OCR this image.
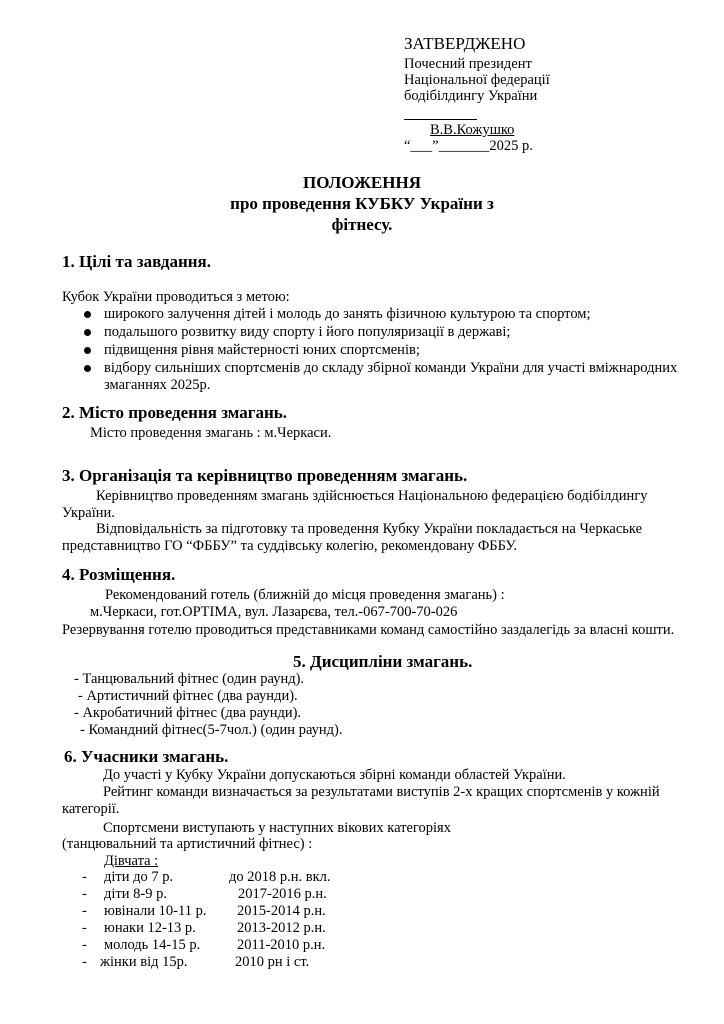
ЗАТВЕРДЖЕНО
Почесний президент
Національної федерації
бодібілдингу України
В.В.Кожушко
“___”_______2025 р.
ПОЛОЖЕННЯ
про проведення КУБКУ України з
фітнесу.
1. Цілі та завдання.
Кубок України проводиться з метою:
широкого залучення дітей і молодь до занять фізичною культурою та спортом;
подальшого розвитку виду спорту і його популяризації в державі;
підвищення рівня майстерності юних спортсменів;
відбору сильніших спортсменів до складу збірної команди України для участі вміжнародних
змаганнях 2025р.
2. Місто проведення змагань.
Місто проведення змагань : м.Черкаси.
3. Організація та керівництво проведенням змагань.
Керівництво проведенням змагань здійснюється Національною федерацією бодібілдингу
України.
Відповідальність за підготовку та проведення Кубку України покладається на Черкаське
представництво ГО “ФББУ” та суддівську колегію, рекомендовану ФББУ.
4. Розміщення.
Рекомендований готель (ближній до місця проведення змагань) :
м.Черкаси, гот.OPTIMA, вул. Лазарєва, тел.-067-700-70-026
Резервування готелю проводиться представниками команд самостійно заздалегідь за власні кошти.
5. Дисципліни змагань.
- Танцювальний фітнес (один раунд).
- Артистичний фітнес (два раунди).
- Акробатичний фітнес (два раунди).
- Командний фітнес(5-7чол.) (один раунд).
6. Учасники змагань.
До участі у Кубку України допускаються збірні команди областей України.
Рейтинг команди визначається за результатами виступів 2-х кращих спортсменів у кожній
категорії.
Спортсмени виступають у наступних вікових категоріях
(танцювальний та артистичний фітнес) :
Дівчата :
- діти до 7 р.	до 2018 р.н. вкл.
- діти 8-9 р.	2017-2016 р.н.
- ювінали 10-11 р. 2015-2014 р.н.
- юнаки 12-13 р.	2013-2012 р.н.
- молодь 14-15 р.	2011-2010 р.н.
- жінки від 15р.	2010 рн і ст.
